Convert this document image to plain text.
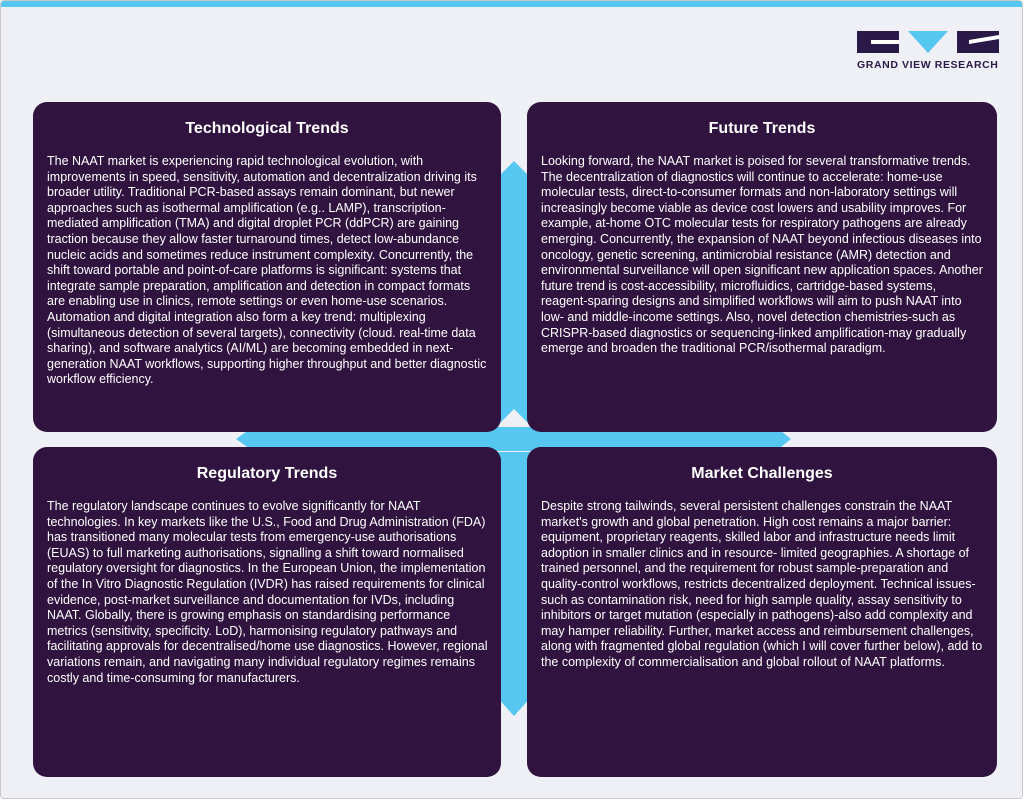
GRAND VIEW RESEARCH
Technological Trends

The NAAT market is experiencing rapid technological evolution, with improvements in speed, sensitivity, automation and decentralization driving its broader utility. Traditional PCR-based assays remain dominant, but newer approaches such as isothermal amplification (e.g.. LAMP), transcription- mediated amplification (TMA) and digital droplet PCR (ddPCR) are gaining traction because they allow faster turnaround times, detect low-abundance nucleic acids and sometimes reduce instrument complexity. Concurrently, the shift toward portable and point-of-care platforms is significant: systems that integrate sample preparation, amplification and detection in compact formats are enabling use in clinics, remote settings or even home-use scenarios. Automation and digital integration also form a key trend: multiplexing (simultaneous detection of several targets), connectivity (cloud. real-time data sharing), and software analytics (AI/ML) are becoming embedded in next-generation NAAT workflows, supporting higher throughput and better diagnostic workflow efficiency.

Future Trends

Looking forward, the NAAT market is poised for several transformative trends. The decentralization of diagnostics will continue to accelerate: home-use molecular tests, direct-to-consumer formats and non-laboratory settings will increasingly become viable as device cost lowers and usability improves. For example, at-home OTC molecular tests for respiratory pathogens are already emerging. Concurrently, the expansion of NAAT beyond infectious diseases into oncology, genetic screening, antimicrobial resistance (AMR) detection and environmental surveillance will open significant new application spaces. Another future trend is cost-accessibility, microfluidics, cartridge-based systems, reagent-sparing designs and simplified workflows will aim to push NAAT into low- and middle-income settings. Also, novel detection chemistries-such as CRISPR-based diagnostics or sequencing-linked amplification-may gradually emerge and broaden the traditional PCR/isothermal paradigm.

Regulatory Trends

The regulatory landscape continues to evolve significantly for NAAT technologies. In key markets like the U.S., Food and Drug Administration (FDA) has transitioned many molecular tests from emergency-use authorisations (EUAS) to full marketing authorisations, signalling a shift toward normalised regulatory oversight for diagnostics. In the European Union, the implementation of the In Vitro Diagnostic Regulation (IVDR) has raised requirements for clinical evidence, post-market surveillance and documentation for IVDs, including NAAT. Globally, there is growing emphasis on standardising performance metrics (sensitivity, specificity. LoD), harmonising regulatory pathways and facilitating approvals for decentralised/home use diagnostics. However, regional variations remain, and navigating many individual regulatory regimes remains costly and time-consuming for manufacturers.

Market Challenges

Despite strong tailwinds, several persistent challenges constrain the NAAT market's growth and global penetration. High cost remains a major barrier: equipment, proprietary reagents, skilled labor and infrastructure needs limit adoption in smaller clinics and in resource- limited geographies. A shortage of trained personnel, and the requirement for robust sample-preparation and quality-control workflows, restricts decentralized deployment. Technical issues-such as contamination risk, need for high sample quality, assay sensitivity to inhibitors or target mutation (especially in pathogens)-also add complexity and may hamper reliability. Further, market access and reimbursement challenges, along with fragmented global regulation (which I will cover further below), add to the complexity of commercialisation and global rollout of NAAT platforms.
